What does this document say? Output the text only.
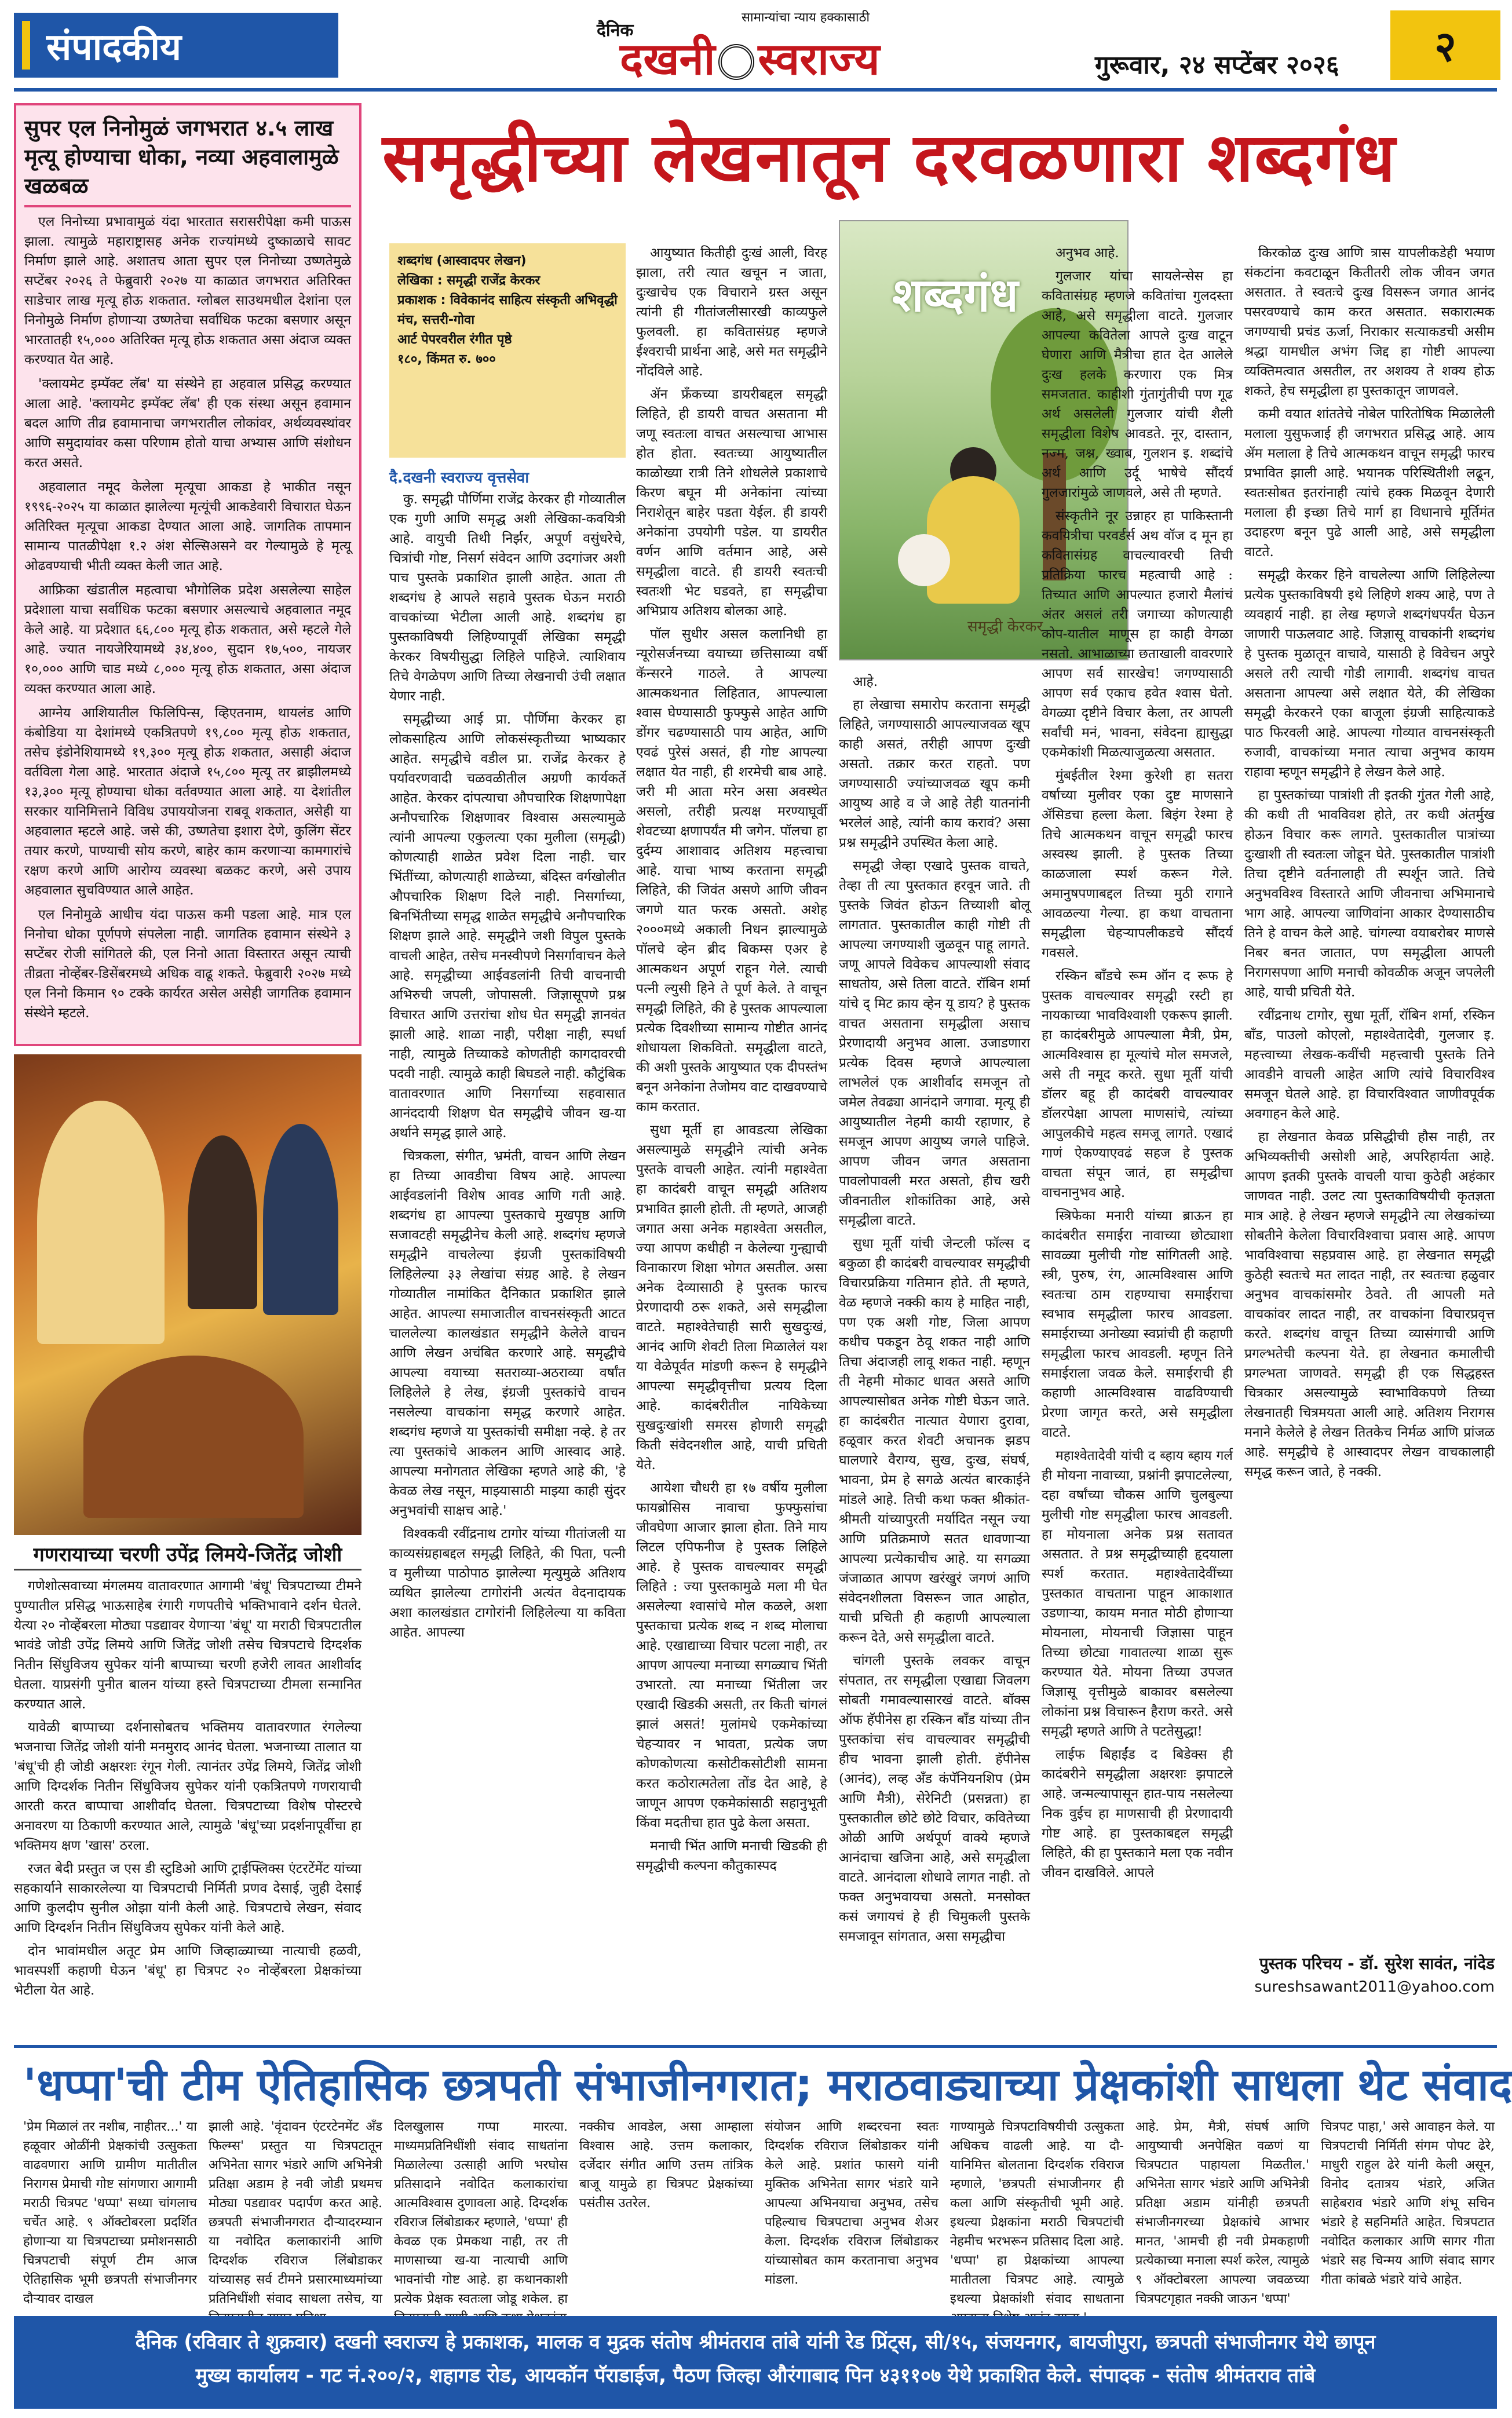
संपादकीय	दैनिक
सामान्यांचा न्याय हक्कासाठी
दखनी स्वराज्य	गुरूवार, २४ सप्टेंबर २०२६	२
सुपर एल निनोमुळं जगभरात ४.५ लाख मृत्यू होण्याचा धोका, नव्या अहवालामुळे खळबळ

एल निनोच्या प्रभावामुळं यंदा भारतात सरासरीपेक्षा कमी पाऊस झाला. त्यामुळे महाराष्ट्रासह अनेक राज्यांमध्ये दुष्काळाचे सावट निर्माण झाले आहे. अशातच आता सुपर एल निनोच्या उष्णतेमुळे सप्टेंबर २०२६ ते फेब्रुवारी २०२७ या काळात जगभरात अतिरिक्त साडेचार लाख मृत्यू होऊ शकतात. ग्लोबल साउथमधील देशांना एल निनोमुळे निर्माण होणाऱ्या उष्णतेचा सर्वाधिक फटका बसणार असून भारतातही १५,००० अतिरिक्त मृत्यू होऊ शकतात असा अंदाज व्यक्त करण्यात येत आहे.

'क्लायमेट इम्पॅक्ट लॅब' या संस्थेने हा अहवाल प्रसिद्ध करण्यात आला आहे. 'क्लायमेट इम्पॅक्ट लॅब' ही एक संस्था असून हवामान बदल आणि तीव्र हवामानाचा जगभरातील लोकांवर, अर्थव्यवस्थांवर आणि समुदायांवर कसा परिणाम होतो याचा अभ्यास आणि संशोधन करत असते.

अहवालात नमूद केलेला मृत्यूचा आकडा हे भाकीत नसून १९९६-२०२५ या काळात झालेल्या मृत्यूंची आकडेवारी विचारात घेऊन अतिरिक्त मृत्यूचा आकडा देण्यात आला आहे. जागतिक तापमान सामान्य पातळीपेक्षा १.२ अंश सेल्सिअसने वर गेल्यामुळे हे मृत्यू ओढवण्याची भीती व्यक्त केली जात आहे.

आफ्रिका खंडातील महत्वाचा भौगोलिक प्रदेश असलेल्या साहेल प्रदेशाला याचा सर्वाधिक फटका बसणार असल्याचे अहवालात नमूद केले आहे. या प्रदेशात ६६,८०० मृत्यू होऊ शकतात, असे म्हटले गेले आहे. ज्यात नायजेरियामध्ये ३४,४००, सुदान १७,५००, नायजर १०,००० आणि चाड मध्ये ८,००० मृत्यू होऊ शकतात, असा अंदाज व्यक्त करण्यात आला आहे.

आग्नेय आशियातील फिलिपिन्स, व्हिएतनाम, थायलंड आणि कंबोडिया या देशांमध्ये एकत्रितपणे १९,८०० मृत्यू होऊ शकतात, तसेच इंडोनेशियामध्ये १९,३०० मृत्यू होऊ शकतात, असाही अंदाज वर्तविला गेला आहे. भारतात अंदाजे १५,८०० मृत्यू तर ब्राझीलमध्ये १३,३०० मृत्यू होण्याचा धोका वर्तवण्यात आला आहे. या देशांतील सरकार यानिमित्ताने विविध उपाययोजना राबवू शकतात, असेही या अहवालात म्हटले आहे. जसे की, उष्णतेचा इशारा देणे, कुलिंग सेंटर तयार करणे, पाण्याची सोय करणे, बाहेर काम करणाऱ्या कामगारांचे रक्षण करणे आणि आरोग्य व्यवस्था बळकट करणे, असे उपाय अहवालात सुचविण्यात आले आहेत.

एल निनोमुळे आधीच यंदा पाऊस कमी पडला आहे. मात्र एल निनोचा धोका पूर्णपणे संपलेला नाही. जागतिक हवामान संस्थेने ३ सप्टेंबर रोजी सांगितले की, एल निनो आता विस्तारत असून त्याची तीव्रता नोव्हेंबर-डिसेंबरमध्ये अधिक वाढू शकते. फेब्रुवारी २०२७ मध्ये एल निनो किमान ९० टक्के कार्यरत असेल असेही जागतिक हवामान संस्थेने म्हटले.

गणरायाच्या चरणी उपेंद्र लिमये-जितेंद्र जोशी

गणेशोत्सवाच्या मंगलमय वातावरणात आगामी 'बंधू' चित्रपटाच्या टीमने पुण्यातील प्रसिद्ध भाऊसाहेब रंगारी गणपतीचे भक्तिभावाने दर्शन घेतले. येत्या २० नोव्हेंबरला मोठ्या पडद्यावर येणाऱ्या 'बंधू' या मराठी चित्रपटातील भावंडे जोडी उपेंद्र लिमये आणि जितेंद्र जोशी तसेच चित्रपटाचे दिग्दर्शक नितीन सिंधुविजय सुपेकर यांनी बाप्पाच्या चरणी हजेरी लावत आशीर्वाद घेतला. याप्रसंगी पुनीत बालन यांच्या हस्ते चित्रपटाच्या टीमला सन्मानित करण्यात आले.

यावेळी बाप्पाच्या दर्शनासोबतच भक्तिमय वातावरणात रंगलेल्या भजनाचा जितेंद्र जोशी यांनी मनमुराद आनंद घेतला. भजनाच्या तालात या 'बंधू'ची ही जोडी अक्षरशः रंगून गेली. त्यानंतर उपेंद्र लिमये, जितेंद्र जोशी आणि दिग्दर्शक नितीन सिंधुविजय सुपेकर यांनी एकत्रितपणे गणरायाची आरती करत बाप्पाचा आशीर्वाद घेतला. चित्रपटाच्या विशेष पोस्टरचे अनावरण या ठिकाणी करण्यात आले, त्यामुळे 'बंधू'च्या प्रदर्शनापूर्वीचा हा भक्तिमय क्षण 'खास' ठरला.

रजत बेदी प्रस्तुत ज एस डी स्टुडिओ आणि ट्राईफ्लिक्स एंटरटेंमेंट यांच्या सहकार्याने साकारलेल्या या चित्रपटाची निर्मिती प्रणव देसाई, जुही देसाई आणि कुलदीप सुनील ओझा यांनी केली आहे. चित्रपटाचे लेखन, संवाद आणि दिग्दर्शन नितीन सिंधुविजय सुपेकर यांनी केले आहे.

दोन भावांमधील अतूट प्रेम आणि जिव्हाळ्याच्या नात्याची हळवी, भावस्पर्शी कहाणी घेऊन 'बंधू' हा चित्रपट २० नोव्हेंबरला प्रेक्षकांच्या भेटीला येत आहे.

समृद्धीच्या लेखनातून दरवळणारा शब्दगंध
शब्दगंध (आस्वादपर लेखन)
लेखिका : समृद्धी राजेंद्र केरकर
प्रकाशक : विवेकानंद साहित्य संस्कृती अभिवृद्धी मंच, सत्तरी-गोवा
आर्ट पेपरवरील रंगीत पृष्ठे
१८०, किंमत रु. ७००
दै.दखनी स्वराज्य वृत्तसेवा

कु. समृद्धी पौर्णिमा राजेंद्र केरकर ही गोव्यातील एक गुणी आणि समृद्ध अशी लेखिका-कवयित्री आहे. वायुची तिथी निर्झर, अपूर्ण वसुंधरेचे, चित्रांची गोष्ट, निसर्ग संवेदन आणि उदगांजर अशी पाच पुस्तके प्रकाशित झाली आहेत. आता ती शब्दगंध हे आपले सहावे पुस्तक घेऊन मराठी वाचकांच्या भेटीला आली आहे. शब्दगंध हा पुस्तकाविषयी लिहिण्यापूर्वी लेखिका समृद्धी केरकर विषयीसुद्धा लिहिले पाहिजे. त्याशिवाय तिचे वेगळेपण आणि तिच्या लेखनाची उंची लक्षात येणार नाही.

समृद्धीच्या आई प्रा. पौर्णिमा केरकर हा लोकसाहित्य आणि लोकसंस्कृतीच्या भाष्यकार आहेत. समृद्धीचे वडील प्रा. राजेंद्र केरकर हे पर्यावरणवादी चळवळीतील अग्रणी कार्यकर्ते आहेत. केरकर दांपत्याचा औपचारिक शिक्षणापेक्षा अनौपचारिक शिक्षणावर विश्वास असल्यामुळे त्यांनी आपल्या एकुलत्या एका मुलीला (समृद्धी) कोणत्याही शाळेत प्रवेश दिला नाही. चार भिंतींच्या, कोणत्याही शाळेच्या, बंदिस्त वर्गखोलीत औपचारिक शिक्षण दिले नाही. निसर्गाच्या, बिनभिंतीच्या समृद्ध शाळेत समृद्धीचे अनौपचारिक शिक्षण झाले आहे. समृद्धीने जशी विपुल पुस्तके वाचली आहेत, तसेच मनस्वीपणे निसर्गावाचन केले आहे. समृद्धीच्या आईवडलांनी तिची वाचनाची अभिरुची जपली, जोपासली. जिज्ञासूपणे प्रश्न विचारत आणि उत्तरांचा शोध घेत समृद्धी ज्ञानवंत झाली आहे. शाळा नाही, परीक्षा नाही, स्पर्धा नाही, त्यामुळे तिच्याकडे कोणतीही कागदावरची पदवी नाही. त्यामुळे काही बिघडले नाही. कौटुंबिक वातावरणात आणि निसर्गाच्या सहवासात आनंददायी शिक्षण घेत समृद्धीचे जीवन ख-या अर्थाने समृद्ध झाले आहे.

चित्रकला, संगीत, भ्रमंती, वाचन आणि लेखन हा तिच्या आवडीचा विषय आहे. आपल्या आईवडलांनी विशेष आवड आणि गती आहे. शब्दगंध हा आपल्या पुस्तकाचे मुखपृष्ठ आणि सजावटही समृद्धीनेच केली आहे. शब्दगंध म्हणजे समृद्धीने वाचलेल्या इंग्रजी पुस्तकांविषयी लिहिलेल्या ३३ लेखांचा संग्रह आहे. हे लेखन गोव्यातील नामांकित दैनिकात प्रकाशित झाले आहेत. आपल्या समाजातील वाचनसंस्कृती आटत चाललेल्या कालखंडात समृद्धीने केलेले वाचन आणि लेखन अचंबित करणारे आहे. समृद्धीचे आपल्या वयाच्या सतराव्या-अठराव्या वर्षांत लिहिलेले हे लेख, इंग्रजी पुस्तकांचे वाचन नसलेल्या वाचकांना समृद्ध करणारे आहेत. शब्दगंध म्हणजे या पुस्तकांची समीक्षा नव्हे. हे तर त्या पुस्तकांचे आकलन आणि आस्वाद आहे. आपल्या मनोगतात लेखिका म्हणते आहे की, 'हे केवळ लेख नसून, माझ्यासाठी माझ्या काही सुंदर अनुभवांची साक्षच आहे.'

विश्वकवी रवींद्रनाथ टागोर यांच्या गीतांजली या काव्यसंग्रहाबद्दल समृद्धी लिहिते, की पिता, पत्नी व मुलीच्या पाठोपाठ झालेल्या मृत्युमुळे अतिशय व्यथित झालेल्या टागोरांनी अत्यंत वेदनादायक अशा कालखंडात टागोरांनी लिहिलेल्या या कविता आहेत. आपल्या

आयुष्यात कितीही दुःखं आली, विरह झाला, तरी त्यात खचून न जाता, दुःखाचेच एक विचाराने ग्रस्त असून त्यांनी ही गीतांजलीसारखी काव्यफुले फुलवली. हा कवितासंग्रह म्हणजे ईश्वराची प्रार्थना आहे, असे मत समृद्धीने नोंदविले आहे.

ॲन फ्रँकच्या डायरीबद्दल समृद्धी लिहिते, ही डायरी वाचत असताना मी जणू स्वतःला वाचत असल्याचा आभास होत होता. स्वतःच्या आयुष्यातील काळोख्या रात्री तिने शोधलेले प्रकाशाचे किरण बघून मी अनेकांना त्यांच्या निराशेतून बाहेर पडता येईल. ही डायरी अनेकांना उपयोगी पडेल. या डायरीत वर्णन आणि वर्तमान आहे, असे समृद्धीला वाटते. ही डायरी स्वतःची स्वतःशी भेट घडवते, हा समृद्धीचा अभिप्राय अतिशय बोलका आहे.

पॉल सुधीर असल कलानिधी हा न्यूरोसर्जनच्या वयाच्या छत्तिसाव्या वर्षी कॅन्सरने गाठले. ते आपल्या आत्मकथनात लिहितात, आपल्याला श्वास घेण्यासाठी फुफ्फुसे आहेत आणि डोंगर चढण्यासाठी पाय आहेत, आणि एवढं पुरेसं असतं, ही गोष्ट आपल्या लक्षात येत नाही, ही शरमेची बाब आहे. जरी मी आता मरेन असा अवस्थेत असलो, तरीही प्रत्यक्ष मरण्याघूर्वी शेवटच्या क्षणापर्यंत मी जगेन. पॉलचा हा दुर्दम्य आशावाद अतिशय महत्त्वाचा आहे. याचा भाष्य करताना समृद्धी लिहिते, की जिवंत असणे आणि जीवन जगणे यात फरक असतो. अशेह २०००मध्ये अकाली निधन झाल्यामुळे पॉलचे व्हेन ब्रीद बिकम्स एअर हे आत्मकथन अपूर्ण राहून गेले. त्याची पत्नी ल्युसी हिने ते पूर्ण केले. ते वाचून समृद्धी लिहिते, की हे पुस्तक आपल्याला प्रत्येक दिवशीच्या सामान्य गोष्टीत आनंद शोधायला शिकवितो. समृद्धीला वाटते, की अशी पुस्तके आयुष्यात एक दीपस्तंभ बनून अनेकांना तेजोमय वाट दाखवण्याचे काम करतात.

सुधा मूर्ती हा आवडत्या लेखिका असल्यामुळे समृद्धीने त्यांची अनेक पुस्तके वाचली आहेत. त्यांनी महाश्वेता हा कादंबरी वाचून समृद्धी अतिशय प्रभावित झाली होती. ती म्हणते, आजही जगात असा अनेक महाश्वेता असतील, ज्या आपण कधीही न केलेल्या गुन्ह्याची विनाकारण शिक्षा भोगत असतील. असा अनेक देव्यासाठी हे पुस्तक फारच प्रेरणादायी ठरू शकते, असे समृद्धीला वाटते. महाश्वेतेचाही सारी सुखदुःखं, आनंद आणि शेवटी तिला मिळालेलं यश या वेळेपूर्वत मांडणी करून हे समृद्धीने आपल्या समृद्धीवृत्तीचा प्रत्यय दिला आहे. कादंबरीतील नायिकेच्या सुखदुःखांशी समरस होणारी समृद्धी किती संवेदनशील आहे, याची प्रचिती येते.

आयेशा चौधरी हा १७ वर्षीय मुलीला फायब्रोसिस नावाचा फुफ्फुसांचा जीवघेणा आजार झाला होता. तिने माय लिटल एपिफनीज हे पुस्तक लिहिले आहे. हे पुस्तक वाचल्यावर समृद्धी लिहिते : ज्या पुस्तकामुळे मला मी घेत असलेल्या श्वासांचे मोल कळले, अशा पुस्तकाचा प्रत्येक शब्द न शब्द मोलाचा आहे. एखाद्याच्या विचार पटला नाही, तर आपण आपल्या मनाच्या सगळ्याच भिंती उभारतो. त्या मनाच्या भिंतीला जर एखादी खिडकी असती, तर किती चांगलं झालं असतं! मुलांमधे एकमेकांच्या चेहऱ्यावर न भावता, प्रत्येक जण कोणकोणत्या कसोटीकसोटीशी सामना करत कठोरात्मतेला तोंड देत आहे, हे जाणून आपण एकमेकांसाठी सहानुभूती किंवा मदतीचा हात पुढे केला असता.

मनाची भिंत आणि मनाची खिडकी ही समृद्धीची कल्पना कौतुकास्पद

शब्दगंध
समृद्धी केरकर

आहे.

हा लेखाचा समारोप करताना समृद्धी लिहिते, जगण्यासाठी आपल्याजवळ खूप काही असतं, तरीही आपण दुःखी असतो. तक्रार करत राहतो. पण जगण्यासाठी ज्यांच्याजवळ खूप कमी आयुष्य आहे व जे आहे तेही यातनांनी भरलेलं आहे, त्यांनी काय करावं? असा प्रश्न समृद्धीने उपस्थित केला आहे.

समृद्धी जेव्हा एखादे पुस्तक वाचते, तेव्हा ती त्या पुस्तकात हरवून जाते. ती पुस्तके जिवंत होऊन तिच्याशी बोलू लागतात. पुस्तकातील काही गोष्टी ती आपल्या जगण्याशी जुळवून पाहू लागते. जणू आपले विवेकच आपल्याशी संवाद साधतोय, असे तिला वाटते. रॉबिन शर्मा यांचे द् मिट क्राय व्हेन यू डाय? हे पुस्तक वाचत असताना समृद्धीला असाच प्रेरणादायी अनुभव आला. उजाडणारा प्रत्येक दिवस म्हणजे आपल्याला लाभलेलं एक आशीर्वाद समजून तो जमेल तेवढ्या आनंदाने जगावा. मृत्यू ही आयुष्यातील नेहमी कायी रहाणार, हे समजून आपण आयुष्य जगले पाहिजे. आपण जीवन जगत असताना पावलोपावली मरत असतो, हीच खरी जीवनातील शोकांतिका आहे, असे समृद्धीला वाटते.

सुधा मूर्ती यांची जेन्टली फॉल्स द बकुळा ही कादंबरी वाचल्यावर समृद्धीची विचारप्रक्रिया गतिमान होते. ती म्हणते, वेळ म्हणजे नक्की काय हे माहित नाही, पण एक अशी गोष्ट, जिला आपण कधीच पकडून ठेवू शकत नाही आणि तिचा अंदाजही लावू शकत नाही. म्हणून ती नेहमी मोकाट धावत असते आणि आपल्यासोबत अनेक गोष्टी घेऊन जाते. हा कादंबरीत नात्यात येणारा दुरावा, हळूवार करत शेवटी अचानक झडप घालणारे वैराग्य, सुख, दुःख, संघर्ष, भावना, प्रेम हे सगळे अत्यंत बारकाईने मांडले आहे. तिची कथा फक्त श्रीकांत-श्रीमती यांच्यापुरती मर्यादित नसून ज्या आणि प्रतिक्रमाणे सतत धावणाऱ्या आपल्या प्रत्येकाचीच आहे. या सगळ्या जंजाळात आपण खरंखुरं जगणं आणि संवेदनशीलता विसरून जात आहोत, याची प्रचिती ही कहाणी आपल्याला करून देते, असे समृद्धीला वाटते.

चांगली पुस्तके लवकर वाचून संपतात, तर समृद्धीला एखाद्या जिवलग सोबती गमावल्यासारखं वाटते. बॉक्स ऑफ हॅपीनेस हा रस्किन बॉंड यांच्या तीन पुस्तकांचा संच वाचल्यावर समृद्धीची हीच भावना झाली होती. हॅपीनेस (आनंद), लव्ह ॲंड कंपॅनियनशिप (प्रेम आणि मैत्री), सेरेनिटी (प्रसन्नता) हा पुस्तकातील छोटे छोटे विचार, कवितेच्या ओळी आणि अर्थपूर्ण वाक्ये म्हणजे आनंदाचा खजिना आहे, असे समृद्धीला वाटते. आनंदाला शोधावे लागत नाही. तो फक्त अनुभवायचा असतो. मनसोक्त कसं जगायचं हे ही चिमुकली पुस्तके समजावून सांगतात, असा समृद्धीचा

अनुभव आहे.

गुलजार यांचा सायलेन्सेस हा कवितासंग्रह म्हणजे कवितांचा गुलदस्ता आहे, असे समृद्धीला वाटते. गुलजार आपल्या कवितेला आपले दुःख वाटून घेणारा आणि मैत्रीचा हात देत आलेले दुःख हलके करणारा एक मित्र समजतात. काहीशी गुंतागुंतीची पण गूढ अर्थ असलेली गुलजार यांची शैली समृद्धीला विशेष आवडते. नूर, दास्तान, नज्म, जश्न, ख्वाब, गुलशन इ. शब्दांचे अर्थ आणि उर्दू भाषेचे सौंदर्य गुलजारांमुळे जाणवले, असे ती म्हणते.

संस्कृतीने नूर उन्नाहर हा पाकिस्तानी कवयित्रीचा परवर्डर्स अथ वॉज द मून हा कवितासंग्रह वाचल्यावरची तिची प्रतिक्रिया फारच महत्वाची आहे : तिच्यात आणि आपल्यात हजारो मैलांचं अंतर असलं तरी जगाच्या कोणत्याही कोप-यातील माणूस हा काही वेगळा नसतो. आभाळाच्या छताखाली वावरणारे आपण सर्व सारखेच! जगण्यासाठी आपण सर्व एकाच हवेत श्वास घेतो. वेगळ्या दृष्टीने विचार केला, तर आपली सर्वांची मनं, भावना, संवेदना ह्यासुद्धा एकमेकांशी मिळत्याजुळत्या असतात.

मुंबईतील रेश्मा कुरेशी हा सतरा वर्षाच्या मुलीवर एका दुष्ट माणसाने ॲसिडचा हल्ला केला. बिइंग रेश्मा हे तिचे आत्मकथन वाचून समृद्धी फारच अस्वस्थ झाली. हे पुस्तक तिच्या काळजाला स्पर्श करून गेले. अमानुषपणाबद्दल तिच्या मुठी रागाने आवळल्या गेल्या. हा कथा वाचताना समृद्धीला चेहऱ्यापलीकडचे सौंदर्य गवसले.

रस्किन बॉंडचे रूम ऑन द रूफ हे पुस्तक वाचल्यावर समृद्धी रस्टी हा नायकाच्या भावविश्वाशी एकरूप झाली. हा कादंबरीमुळे आपल्याला मैत्री, प्रेम, आत्मविश्वास हा मूल्यांचे मोल समजले, असे ती नमूद करते. सुधा मूर्ती यांची डॉलर बहू ही कादंबरी वाचल्यावर डॉलरपेक्षा आपला माणसांचे, त्यांच्या आपुलकीचे महत्व समजू लागते. एखादं गाणं ऐकण्याएवढं सहज हे पुस्तक वाचता संपून जातं, हा समृद्धीचा वाचनानुभव आहे.

स्त्रिफेका मनारी यांच्या ब्राऊन हा कादंबरीत समाईरा नावाच्या छोट्याशा सावळ्या मुलीची गोष्ट सांगितली आहे. स्त्री, पुरुष, रंग, आत्मविश्वास आणि स्वतःचा ठाम राहण्याचा समाईराचा स्वभाव समृद्धीला फारच आवडला. समाईराच्या अनोख्या स्वप्नांची ही कहाणी समृद्धीला फारच आवडली. म्हणून तिने समाईराला जवळ केले. समाईराची ही कहाणी आत्मविश्वास वाढविण्याची प्रेरणा जागृत करते, असे समृद्धीला वाटते.

महाश्वेतादेवी यांची द ब्हाय ब्हाय गर्ल ही मोयना नावाच्या, प्रश्नांनी झपाटलेल्या, दहा वर्षांच्या चौकस आणि चुलबुल्या मुलीची गोष्ट समृद्धीला फारच आवडली. हा मोयनाला अनेक प्रश्न सतावत असतात. ते प्रश्न समृद्धीच्याही हृदयाला स्पर्श करतात. महाश्वेतादेवींच्या पुस्तकात वाचताना पाहून आकाशात उडणाऱ्या, कायम मनात मोठी होणाऱ्या मोयनाला, मोयनाची जिज्ञासा पाहून तिच्या छोट्या गावातल्या शाळा सुरू करण्यात येते. मोयना तिच्या उपजत जिज्ञासू वृत्तीमुळे बाकावर बसलेल्या लोकांना प्रश्न विचारून हैराण करते. असे समृद्धी म्हणते आणि ते पटतेसुद्धा!

लाईफ बिहाईंड द बिडेक्स ही कादंबरीने समृद्धीला अक्षरशः झपाटले आहे. जन्मल्यापासून हात-पाय नसलेल्या निक वुईच हा माणसाची ही प्रेरणादायी गोष्ट आहे. हा पुस्तकाबद्दल समृद्धी लिहिते, की हा पुस्तकाने मला एक नवीन जीवन दाखविले. आपले

किरकोळ दुःख आणि त्रास यापलीकडेही भयाण संकटांना कवटाळून कितीतरी लोक जीवन जगत असतात. ते स्वतःचे दुःख विसरून जगात आनंद पसरवण्याचे काम करत असतात. सकारात्मक जगण्याची प्रचंड ऊर्जा, निराकार सत्याकडची असीम श्रद्धा यामधील अभंग जिद्द हा गोष्टी आपल्या व्यक्तिमत्वात असतील, तर अशक्य ते शक्य होऊ शकते, हेच समृद्धीला हा पुस्तकातून जाणवले.

कमी वयात शांततेचे नोबेल पारितोषिक मिळालेली मलाला युसुफजाई ही जगभरात प्रसिद्ध आहे. आय ॲम मलाला हे तिचे आत्मकथन वाचून समृद्धी फारच प्रभावित झाली आहे. भयानक परिस्थितीशी लढून, स्वतःसोबत इतरांनाही त्यांचे हक्क मिळवून देणारी मलाला ही इच्छा तिचे मार्ग हा विधानाचे मूर्तिमंत उदाहरण बनून पुढे आली आहे, असे समृद्धीला वाटते.

समृद्धी केरकर हिने वाचलेल्या आणि लिहिलेल्या प्रत्येक पुस्तकाविषयी इथे लिहिणे शक्य आहे, पण ते व्यवहार्य नाही. हा लेख म्हणजे शब्दगंधपर्यंत घेऊन जाणारी पाऊलवाट आहे. जिज्ञासू वाचकांनी शब्दगंध हे पुस्तक मुळातून वाचावे, यासाठी हे विवेचन अपुरे असले तरी त्याची गोडी लागावी. शब्दगंध वाचत असताना आपल्या असे लक्षात येते, की लेखिका समृद्धी केरकरने एका बाजूला इंग्रजी साहित्याकडे पाठ फिरवली आहे. आपल्या गोव्यात वाचनसंस्कृती रुजावी, वाचकांच्या मनात त्याचा अनुभव कायम राहावा म्हणून समृद्धीने हे लेखन केले आहे.

हा पुस्तकांच्या पात्रांशी ती इतकी गुंतत गेली आहे, की कधी ती भावविवश होते, तर कधी अंतर्मुख होऊन विचार करू लागते. पुस्तकातील पात्रांच्या दुःखाशी ती स्वतःला जोडून घेते. पुस्तकातील पात्रांशी तिचा दृष्टीने वर्तनालाही ती स्पर्शून जाते. तिचे अनुभवविश्व विस्तारते आणि जीवनाचा अभिमानाचे भाग आहे. आपल्या जाणिवांना आकार देण्यासाठीच तिने हे वाचन केले आहे. चांगल्या वयाबरोबर माणसे निबर बनत जातात, पण समृद्धीला आपली निरागसपणा आणि मनाची कोवळीक अजून जपलेली आहे, याची प्रचिती येते.

रवींद्रनाथ टागोर, सुधा मूर्ती, रॉबिन शर्मा, रस्किन बॉंड, पाउलो कोएलो, महाश्वेतादेवी, गुलजार इ. महत्त्वाच्या लेखक-कवींची महत्त्वाची पुस्तके तिने आवडीने वाचली आहेत आणि त्यांचे विचारविश्व समजून घेतले आहे. हा विचारविश्वात जाणीवपूर्वक अवगाहन केले आहे.

हा लेखनात केवळ प्रसिद्धीची हौस नाही, तर अभिव्यक्तीची असोशी आहे, अपरिहार्यता आहे. आपण इतकी पुस्तके वाचली याचा कुठेही अहंकार जाणवत नाही. उलट त्या पुस्तकाविषयीची कृतज्ञता मात्र आहे. हे लेखन म्हणजे समृद्धीने त्या लेखकांच्या सोबतीने केलेला विचारविश्वाचा प्रवास आहे. आपण भावविश्वाचा सहप्रवास आहे. हा लेखनात समृद्धी कुठेही स्वतःचे मत लादत नाही, तर स्वतःचा हळुवार अनुभव वाचकांसमोर ठेवते. ती आपली मते वाचकांवर लादत नाही, तर वाचकांना विचारप्रवृत्त करते. शब्दगंध वाचून तिच्या व्यासंगाची आणि प्रगल्भतेची कल्पना येते. हा लेखनात कमालीची प्रगल्भता जाणवते. समृद्धी ही एक सिद्धहस्त चित्रकार असल्यामुळे स्वाभाविकपणे तिच्या लेखनातही चित्रमयता आली आहे. अतिशय निरागस मनाने केलेले हे लेखन तितकेच निर्मळ आणि प्रांजळ आहे. समृद्धीचे हे आस्वादपर लेखन वाचकालाही समृद्ध करून जाते, हे नक्की.

पुस्तक परिचय - डॉ. सुरेश सावंत, नांदेड
sureshsawant2011@yahoo.com
'धप्पा'ची टीम ऐतिहासिक छत्रपती संभाजीनगरात; मराठवाड्याच्या प्रेक्षकांशी साधला थेट संवाद
'प्रेम मिळालं तर नशीब, नाहीतर...' या हळूवार ओळींनी प्रेक्षकांची उत्सुकता वाढवणारा आणि ग्रामीण मातीतील निरागस प्रेमाची गोष्ट सांगणारा आगामी मराठी चित्रपट 'धप्पा' सध्या चांगलाच चर्चेत आहे. ९ ऑक्टोबरला प्रदर्शित होणाऱ्या या चित्रपटाच्या प्रमोशनसाठी चित्रपटाची संपूर्ण टीम आज ऐतिहासिक भूमी छत्रपती संभाजीनगर दौऱ्यावर दाखल
झाली आहे. 'वृंदावन एंटरटेनमेंट ॲंड फिल्म्स' प्रस्तुत या चित्रपटातून अभिनेता सागर भंडारे आणि अभिनेत्री प्रतिक्षा अडाम हे नवी जोडी प्रथमच मोठ्या पडद्यावर पदार्पण करत आहे. छत्रपती संभाजीनगरात दौऱ्यादरम्यान या नवोदित कलाकारांनी आणि दिग्दर्शक रविराज लिंबोडाकर यांच्यासह सर्व टीमने प्रसारमाध्यमांच्या प्रतिनिधींशी संवाद साधला तसेच, या
दिलखुलास गप्पा मारत्या. माध्यमप्रतिनिधींशी संवाद साधतांना मिळालेल्या उत्साही आणि भरघोस प्रतिसादाने नवोदित कलाकारांचा आत्मविश्वास दुणावला आहे. दिग्दर्शक रविराज लिंबोडाकर म्हणाले, 'धप्पा' ही केवळ एक प्रेमकथा नाही, तर ती माणसाच्या ख-या नात्याची आणि भावनांची गोष्ट आहे. हा कथानकाशी प्रत्येक प्रेक्षक स्वतःला जोडू शकेल. हा
नक्कीच आवडेल, असा आम्हाला विश्वास आहे. उत्तम कलाकार, दर्जेदार संगीत आणि उत्तम तांत्रिक बाजू यामुळे हा चित्रपट प्रेक्षकांच्या पसंतीस उतरेल.
संयोजन आणि शब्दरचना स्वतः दिग्दर्शक रविराज लिंबोडाकर यांनी केले आहे. प्रशांत फासगे यांनी मुक्तिक अभिनेता सागर भंडारे याने आपल्या अभिनयाचा अनुभव, तसेच पहिल्याच चित्रपटाचा अनुभव शेअर केला. दिग्दर्शक रविराज लिंबोडाकर यांच्यासोबत काम करतानाचा अनुभव मांडला.
गाण्यामुळे चित्रपटाविषयीची उत्सुकता अधिकच वाढली आहे. या दौ-यानिमित्त बोलताना दिग्दर्शक रविराज म्हणाले, 'छत्रपती संभाजीनगर ही कला आणि संस्कृतीची भूमी आहे. इथल्या प्रेक्षकांना मराठी चित्रपटांची नेहमीच भरभरून प्रतिसाद दिला आहे. 'धप्पा' हा प्रेक्षकांच्या आपल्या मातीतला चित्रपट आहे. त्यामुळे इथल्या प्रेक्षकांशी संवाद साधताना
आहे. प्रेम, मैत्री, संघर्ष आणि आयुष्याची अनपेक्षित वळणं या चित्रपटात पाहायला मिळतील.' अभिनेता सागर भंडारे आणि अभिनेत्री प्रतिक्षा अडाम यांनीही छत्रपती संभाजीनगरच्या प्रेक्षकांचे आभार मानत, 'आमची ही नवी प्रेमकहाणी प्रत्येकाच्या मनाला स्पर्श करेल, त्यामुळे ९ ऑक्टोबरला आपल्या जवळच्या चित्रपटगृहात नक्की जाऊन 'धप्पा'
चित्रपट पाहा,' असे आवाहन केले. या चित्रपटाची निर्मिती संगम पोपट ढेरे, माधुरी राहुल ढेरे यांनी केली असून, विनोद दतात्रय भंडारे, अजित साहेबराव भंडारे आणि शंभू सचिन भंडारे हे सहनिर्माते आहेत. चित्रपटात नवोदित कलाकार आणि सागर गीता भंडारे सह चिन्मय आणि संवाद सागर गीता कांबळे भंडारे यांचे आहेत.
दैनिक (रविवार ते शुक्रवार) दखनी स्वराज्य हे प्रकाशक, मालक व मुद्रक संतोष श्रीमंतराव तांबे यांनी रेड प्रिंट्स, सी/१५, संजयनगर, बायजीपुरा, छत्रपती संभाजीनगर येथे छापून
मुख्य कार्यालय - गट नं.२००/२, शहागड रोड, आयकॉन पॅराडाईज, पैठण जिल्हा औरंगाबाद पिन ४३११०७ येथे प्रकाशित केले. संपादक - संतोष श्रीमंतराव तांबे
